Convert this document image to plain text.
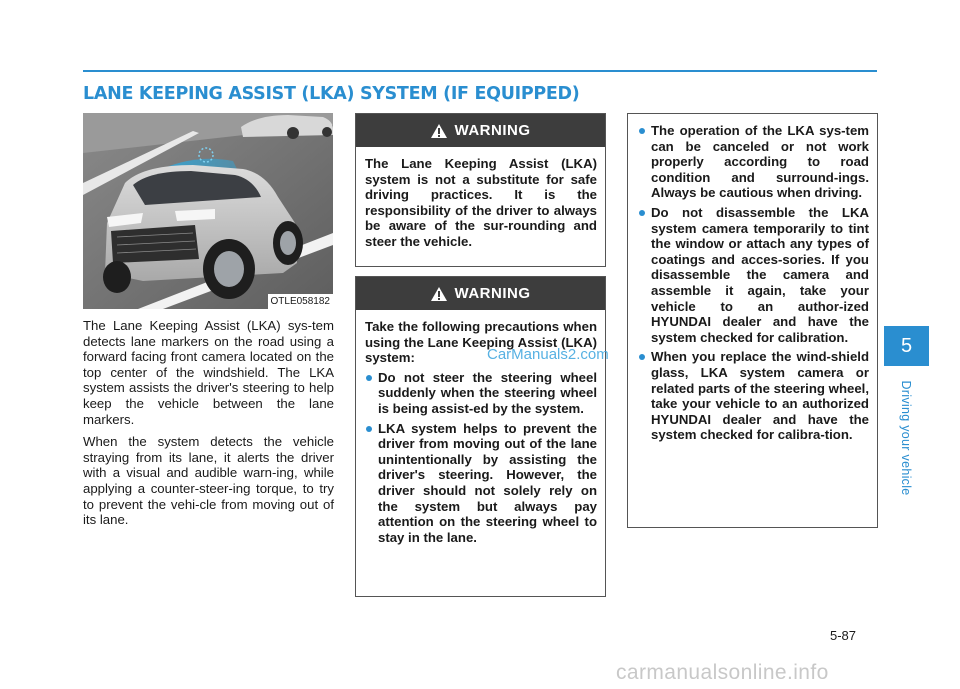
LANE KEEPING ASSIST (LKA) SYSTEM (IF EQUIPPED)
OTLE058182

The Lane Keeping Assist (LKA) sys-tem detects lane markers on the road using a forward facing front camera located on the top center of the windshield. The LKA system assists the driver's steering to help keep the vehicle between the lane markers.

When the system detects the vehicle straying from its lane, it alerts the driver with a visual and audible warn-ing, while applying a counter-steer-ing torque, to try to prevent the vehi-cle from moving out of its lane.

WARNING

The Lane Keeping Assist (LKA) system is not a substitute for safe driving practices. It is the responsibility of the driver to always be aware of the sur-rounding and steer the vehicle.

WARNING

Take the following precautions when using the Lane Keeping Assist (LKA) system:

Do not steer the steering wheel suddenly when the steering wheel is being assist-ed by the system.
LKA system helps to prevent the driver from moving out of the lane unintentionally by assisting the driver's steering. However, the driver should not solely rely on the system but always pay attention on the steering wheel to stay in the lane.
CarManuals2.com
The operation of the LKA sys-tem can be canceled or not work properly according to road condition and surround-ings. Always be cautious when driving.
Do not disassemble the LKA system camera temporarily to tint the window or attach any types of coatings and acces-sories. If you disassemble the camera and assemble it again, take your vehicle to an author-ized HYUNDAI dealer and have the system checked for calibration.
When you replace the wind-shield glass, LKA system camera or related parts of the steering wheel, take your vehicle to an authorized HYUNDAI dealer and have the system checked for calibra-tion.
5
Driving your vehicle
5-87
carmanualsonline.info
